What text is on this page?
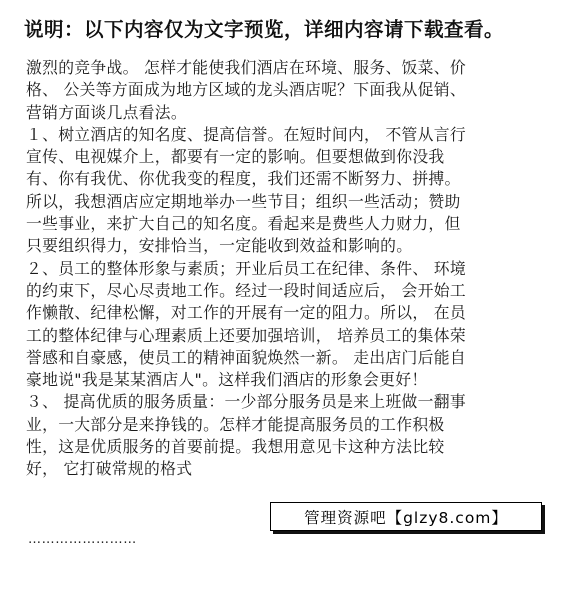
说明：以下内容仅为文字预览，详细内容请下载查看。
激烈的竞争战。 怎样才能使我们酒店在环境、服务、饭菜、价
格、 公关等方面成为地方区域的龙头酒店呢？下面我从促销、
营销方面谈几点看法。
１、树立酒店的知名度、提高信誉。在短时间内， 不管从言行
宣传、电视媒介上，都要有一定的影响。但要想做到你没我
有、你有我优、你优我变的程度，我们还需不断努力、拼搏。
所以，我想酒店应定期地举办一些节目；组织一些活动；赞助
一些事业，来扩大自己的知名度。看起来是费些人力财力，但
只要组织得力，安排恰当，一定能收到效益和影响的。
２、员工的整体形象与素质；开业后员工在纪律、条件、 环境
的约束下，尽心尽责地工作。经过一段时间适应后， 会开始工
作懒散、纪律松懈，对工作的开展有一定的阻力。所以， 在员
工的整体纪律与心理素质上还要加强培训， 培养员工的集体荣
誉感和自豪感，使员工的精神面貌焕然一新。 走出店门后能自
豪地说"我是某某酒店人"。这样我们酒店的形象会更好！
３、 提高优质的服务质量：一少部分服务员是来上班做一翻事
业，一大部分是来挣钱的。怎样才能提高服务员的工作积极
性，这是优质服务的首要前提。我想用意见卡这种方法比较
好， 它打破常规的格式
……………………
管理资源吧【glzy8.com】
